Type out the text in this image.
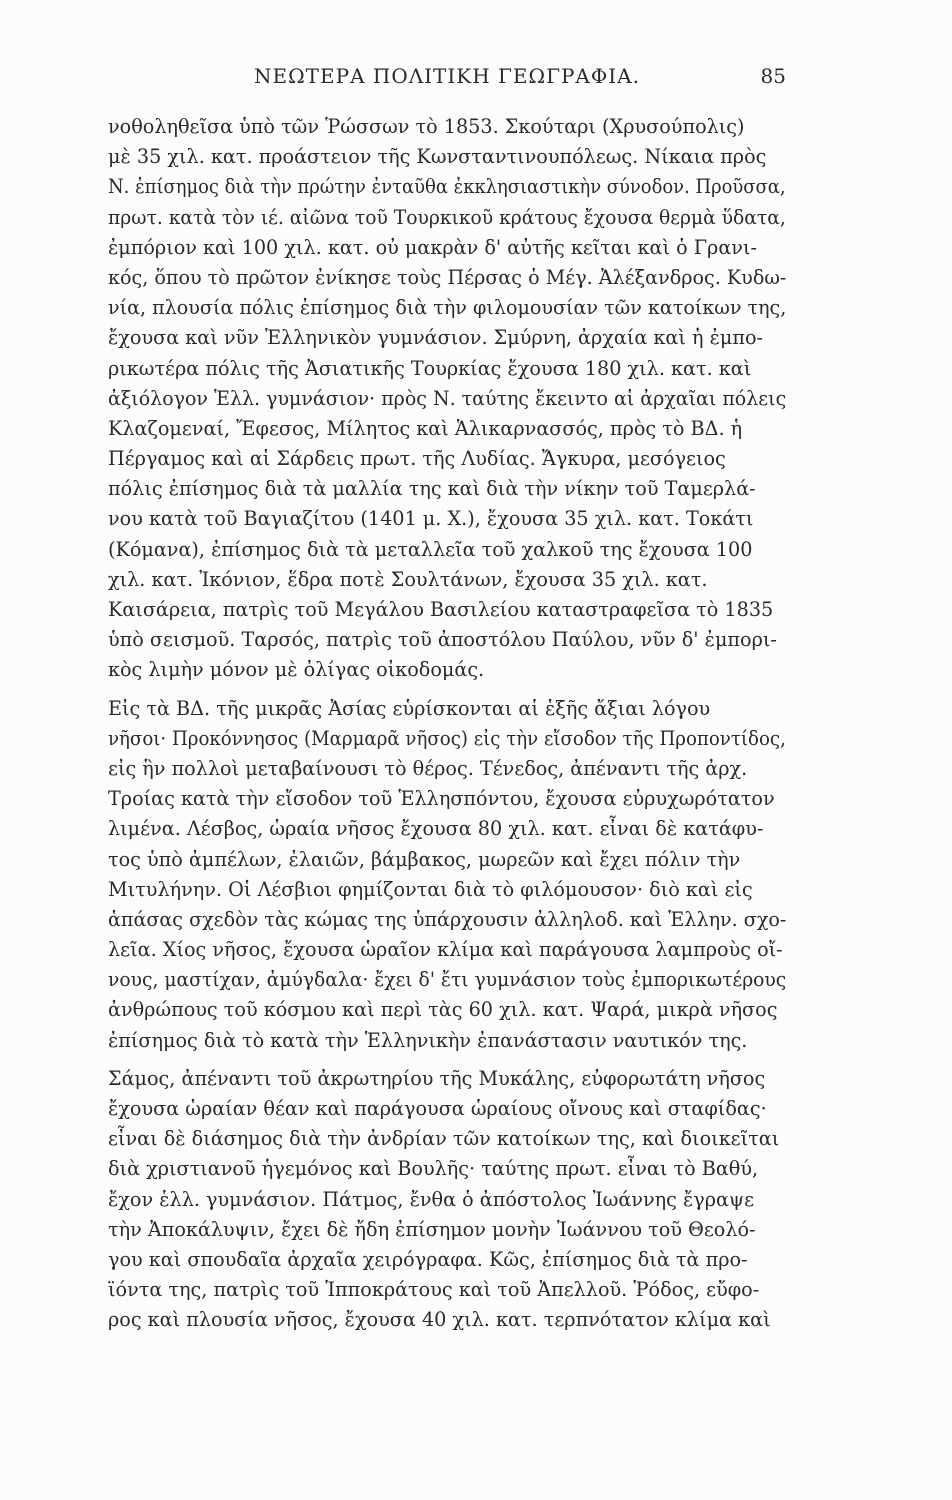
ΝΕΩΤΕΡΑ ΠΟΛΙΤΙΚΗ ΓΕΩΓΡΑΦΙΑ.	85
νοθοληθεῖσα ὑπὸ τῶν Ῥώσσων τὸ 1853. Σκούταρι (Χρυσούπολις)
μὲ 35 χιλ. κατ. προάστειον τῆς Κωνσταντινουπόλεως. Νίκαια πρὸς
Ν. ἐπίσημος διὰ τὴν πρώτην ἐνταῦθα ἐκκλησιαστικὴν σύνοδον. Προῦσσα,
πρωτ. κατὰ τὸν ιέ. αἰῶνα τοῦ Τουρκικοῦ κράτους ἔχουσα θερμὰ ὕδατα,
ἐμπόριον καὶ 100 χιλ. κατ. οὐ μακρὰν δ' αὐτῆς κεῖται καὶ ὁ Γρανι-
κός, ὅπου τὸ πρῶτον ἐνίκησε τοὺς Πέρσας ὁ Μέγ. Ἀλέξανδρος. Κυδω-
νία, πλουσία πόλις ἐπίσημος διὰ τὴν φιλομουσίαν τῶν κατοίκων της,
ἔχουσα καὶ νῦν Ἑλληνικὸν γυμνάσιον. Σμύρνη, ἀρχαία καὶ ἡ ἐμπο-
ρικωτέρα πόλις τῆς Ἀσιατικῆς Τουρκίας ἔχουσα 180 χιλ. κατ. καὶ
ἀξιόλογον Ἑλλ. γυμνάσιον· πρὸς Ν. ταύτης ἔκειντο αἱ ἀρχαῖαι πόλεις
Κλαζομεναί, Ἔφεσος, Μίλητος καὶ Ἁλικαρνασσός, πρὸς τὸ ΒΔ. ἡ
Πέργαμος καὶ αἱ Σάρδεις πρωτ. τῆς Λυδίας. Ἄγκυρα, μεσόγειος
πόλις ἐπίσημος διὰ τὰ μαλλία της καὶ διὰ τὴν νίκην τοῦ Ταμερλά-
νου κατὰ τοῦ Βαγιαζίτου (1401 μ. Χ.), ἔχουσα 35 χιλ. κατ. Τοκάτι
(Κόμανα), ἐπίσημος διὰ τὰ μεταλλεῖα τοῦ χαλκοῦ της ἔχουσα 100
χιλ. κατ. Ἰκόνιον, ἕδρα ποτὲ Σουλτάνων, ἔχουσα 35 χιλ. κατ.
Καισάρεια, πατρὶς τοῦ Μεγάλου Βασιλείου καταστραφεῖσα τὸ 1835
ὑπὸ σεισμοῦ. Ταρσός, πατρὶς τοῦ ἀποστόλου Παύλου, νῦν δ' ἐμπορι-
κὸς λιμὴν μόνον μὲ ὀλίγας οἰκοδομάς.
Εἰς τὰ ΒΔ. τῆς μικρᾶς Ἀσίας εὑρίσκονται αἱ ἑξῆς ἄξιαι λόγου
νῆσοι· Προκόννησος (Μαρμαρᾶ νῆσος) εἰς τὴν εἴσοδον τῆς Προποντίδος,
εἰς ἣν πολλοὶ μεταβαίνουσι τὸ θέρος. Τένεδος, ἀπέναντι τῆς ἀρχ.
Τροίας κατὰ τὴν εἴσοδον τοῦ Ἑλλησπόντου, ἔχουσα εὐρυχωρότατον
λιμένα. Λέσβος, ὡραία νῆσος ἔχουσα 80 χιλ. κατ. εἶναι δὲ κατάφυ-
τος ὑπὸ ἀμπέλων, ἐλαιῶν, βάμβακος, μωρεῶν καὶ ἔχει πόλιν τὴν
Μιτυλήνην. Οἱ Λέσβιοι φημίζονται διὰ τὸ φιλόμουσον· διὸ καὶ εἰς
ἁπάσας σχεδὸν τὰς κώμας της ὑπάρχουσιν ἀλληλοδ. καὶ Ἑλλην. σχο-
λεῖα. Χίος νῆσος, ἔχουσα ὡραῖον κλίμα καὶ παράγουσα λαμπροὺς οἴ-
νους, μαστίχαν, ἀμύγδαλα· ἔχει δ' ἔτι γυμνάσιον τοὺς ἐμπορικωτέρους
ἀνθρώπους τοῦ κόσμου καὶ περὶ τὰς 60 χιλ. κατ. Ψαρά, μικρὰ νῆσος
ἐπίσημος διὰ τὸ κατὰ τὴν Ἑλληνικὴν ἐπανάστασιν ναυτικόν της.
Σάμος, ἀπέναντι τοῦ ἀκρωτηρίου τῆς Μυκάλης, εὐφορωτάτη νῆσος
ἔχουσα ὡραίαν θέαν καὶ παράγουσα ὡραίους οἴνους καὶ σταφίδας·
εἶναι δὲ διάσημος διὰ τὴν ἀνδρίαν τῶν κατοίκων της, καὶ διοικεῖται
διὰ χριστιανοῦ ἡγεμόνος καὶ Βουλῆς· ταύτης πρωτ. εἶναι τὸ Βαθύ,
ἔχον ἑλλ. γυμνάσιον. Πάτμος, ἔνθα ὁ ἀπόστολος Ἰωάννης ἔγραψε
τὴν Ἀποκάλυψιν, ἔχει δὲ ἤδη ἐπίσημον μονὴν Ἰωάννου τοῦ Θεολό-
γου καὶ σπουδαῖα ἀρχαῖα χειρόγραφα. Κῶς, ἐπίσημος διὰ τὰ προ-
ϊόντα της, πατρὶς τοῦ Ἱπποκράτους καὶ τοῦ Ἀπελλοῦ. Ῥόδος, εὔφο-
ρος καὶ πλουσία νῆσος, ἔχουσα 40 χιλ. κατ. τερπνότατον κλίμα καὶ
